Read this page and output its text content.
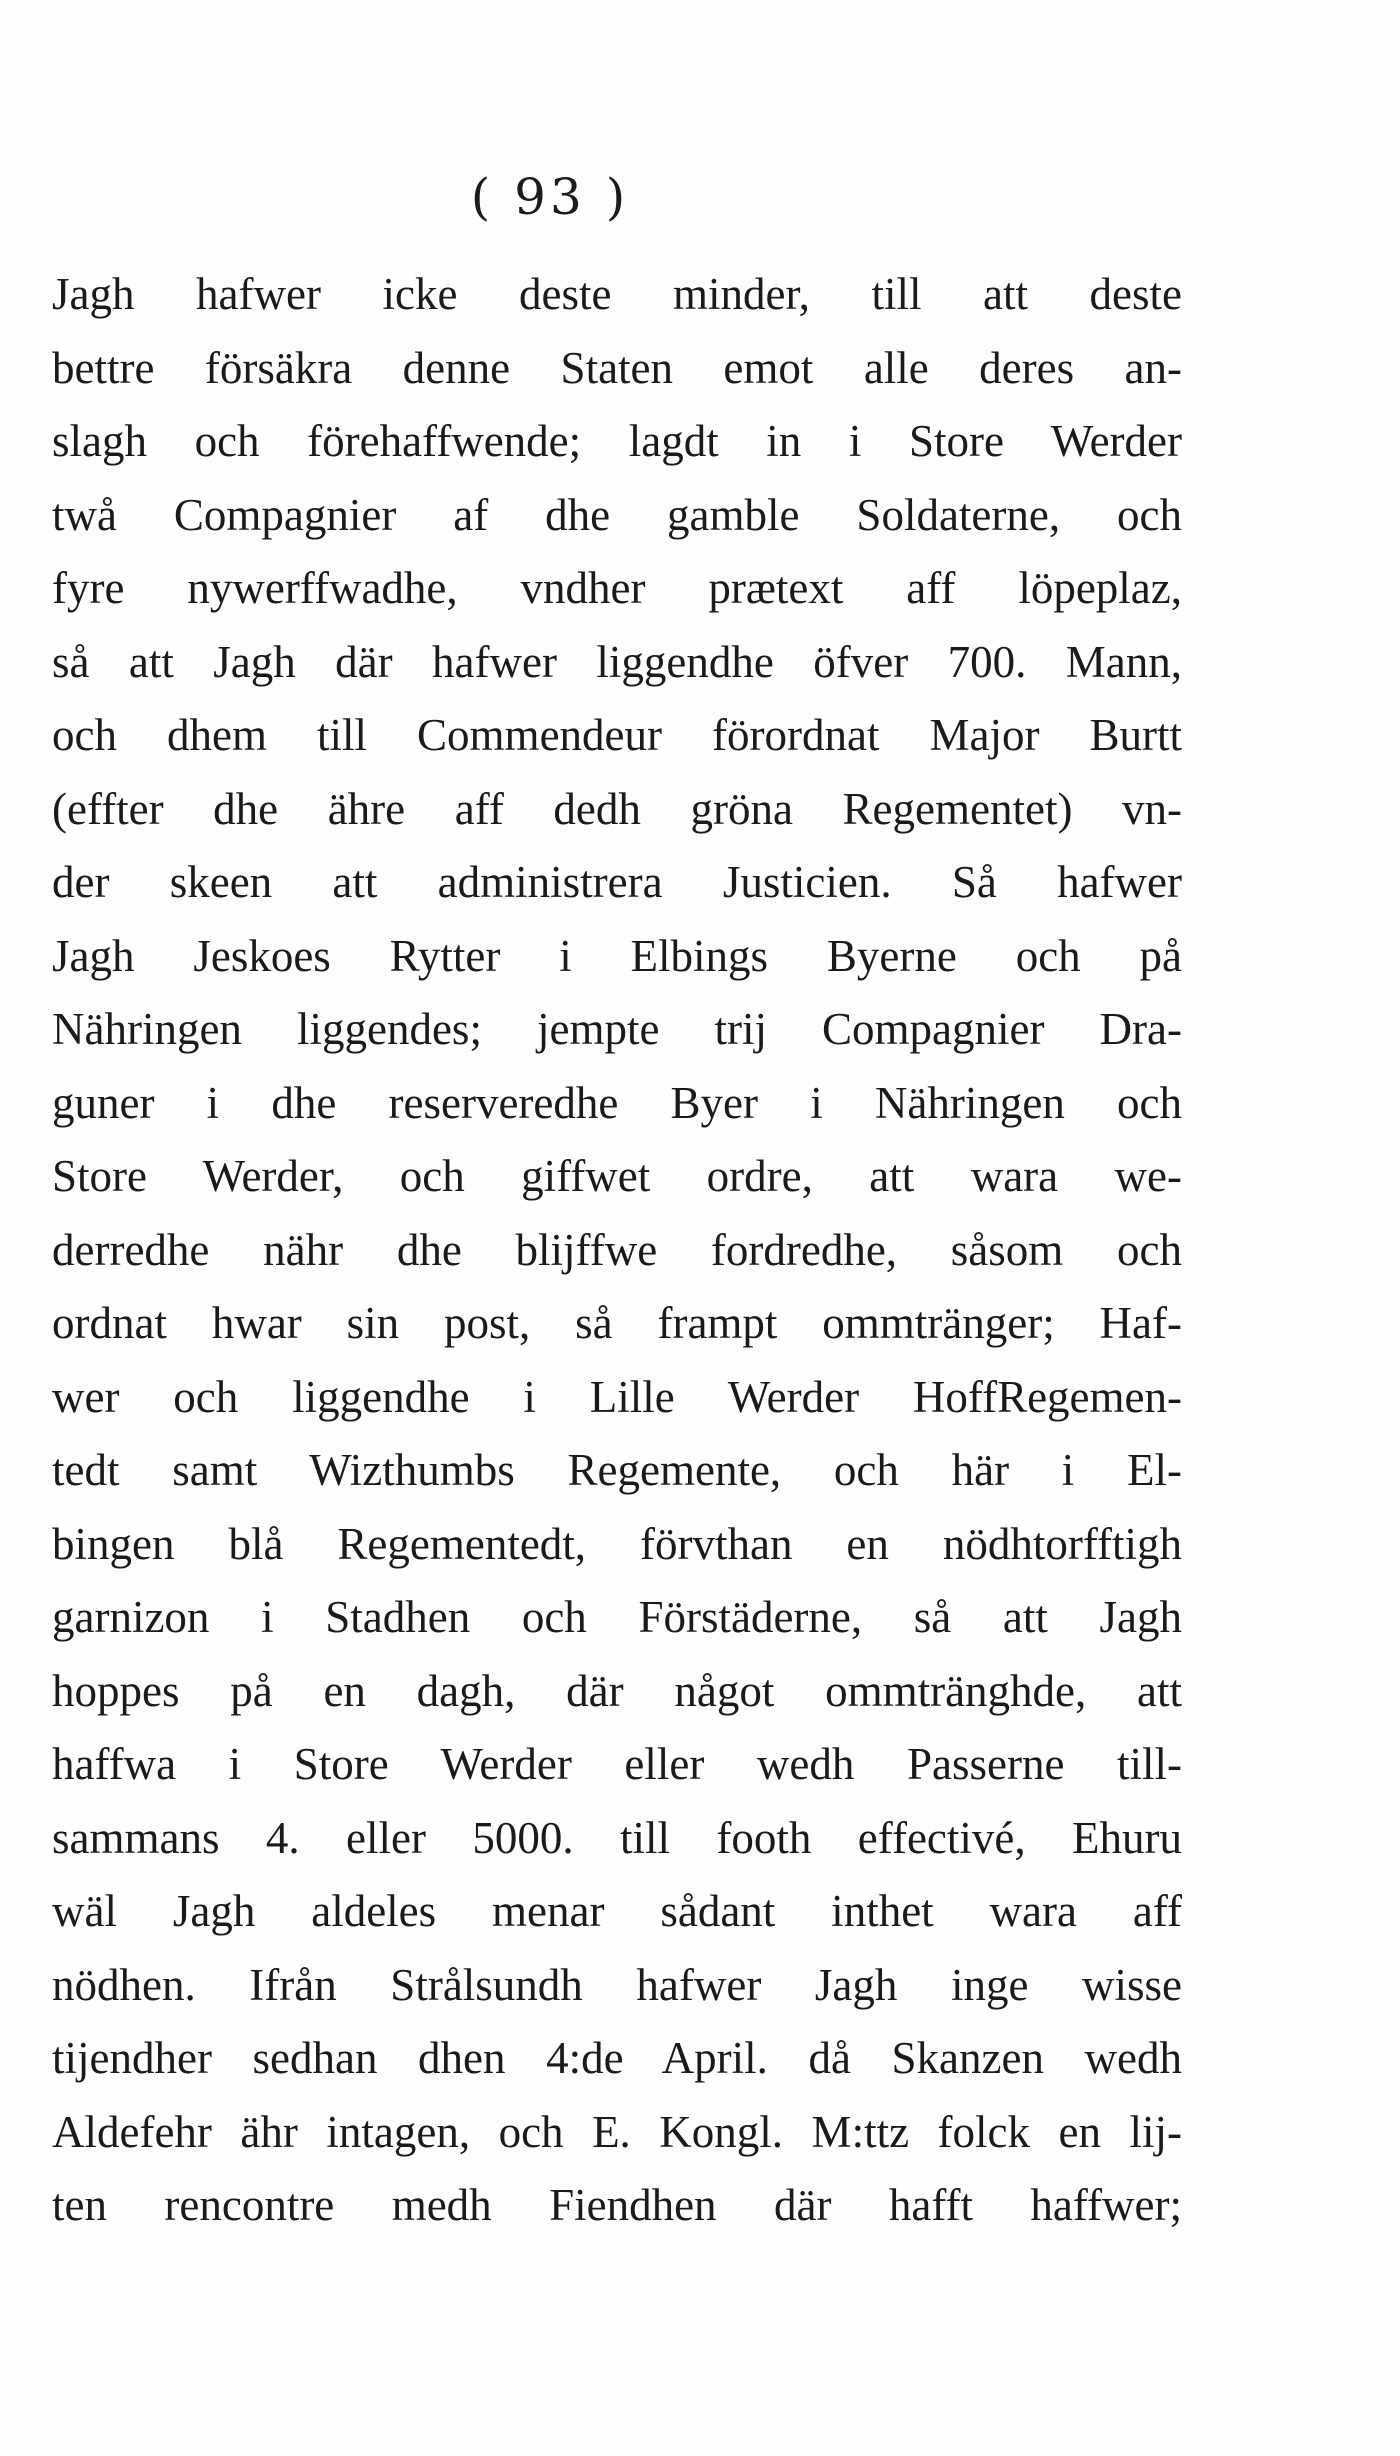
( 93 )
Jagh hafwer icke deste minder, till att deste
bettre försäkra denne Staten emot alle deres an-
slagh och förehaffwende; lagdt in i Store Werder
twå Compagnier af dhe gamble Soldaterne, och
fyre nywerffwadhe, vndher prætext aff löpeplaz,
så att Jagh där hafwer liggendhe öfver 700. Mann,
och dhem till Commendeur förordnat Major Burtt
(effter dhe ähre aff dedh gröna Regementet) vn-
der skeen att administrera Justicien. Så hafwer
Jagh Jeskoes Rytter i Elbings Byerne och på
Nähringen liggendes; jempte trij Compagnier Dra-
guner i dhe reserveredhe Byer i Nähringen och
Store Werder, och giffwet ordre, att wara we-
derredhe nähr dhe blijffwe fordredhe, såsom och
ordnat hwar sin post, så frampt ommtränger; Haf-
wer och liggendhe i Lille Werder HoffRegemen-
tedt samt Wizthumbs Regemente, och här i El-
bingen blå Regementedt, förvthan en nödhtorfftigh
garnizon i Stadhen och Förstäderne, så att Jagh
hoppes på en dagh, där något ommtränghde, att
haffwa i Store Werder eller wedh Passerne till-
sammans 4. eller 5000. till footh effectivé, Ehuru
wäl Jagh aldeles menar sådant inthet wara aff
nödhen. Ifrån Strålsundh hafwer Jagh inge wisse
tijendher sedhan dhen 4:de April. då Skanzen wedh
Aldefehr ähr intagen, och E. Kongl. M:ttz folck en lij-
ten rencontre medh Fiendhen där hafft haffwer;
